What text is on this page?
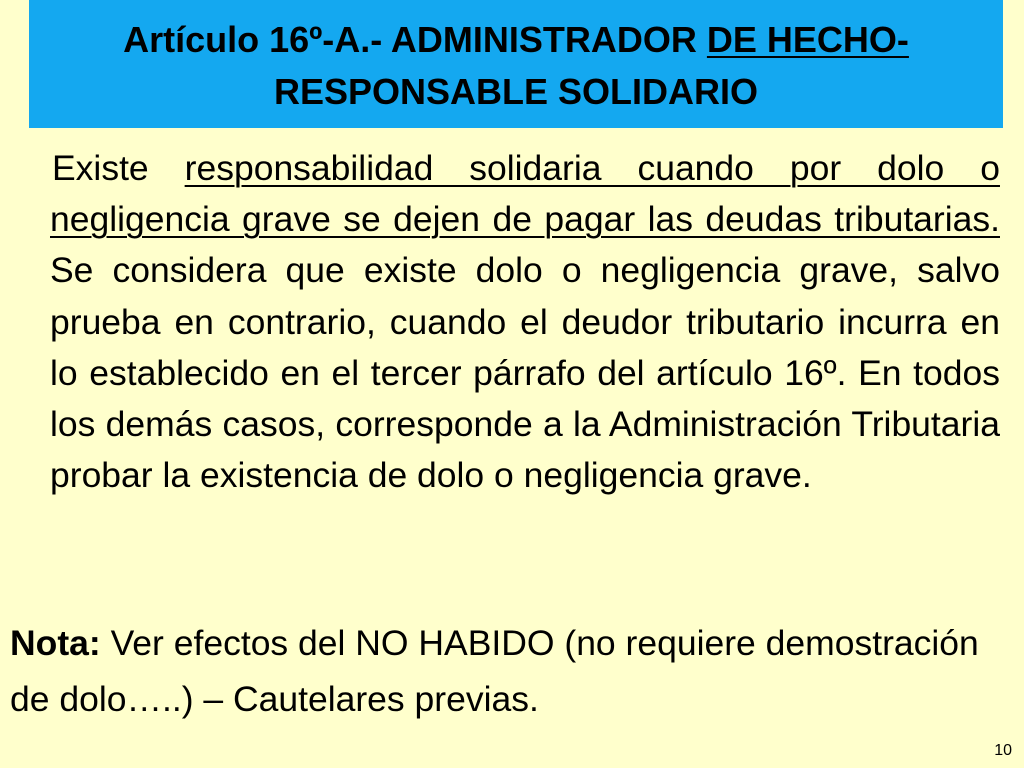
Artículo 16º-A.- ADMINISTRADOR DE HECHO-
RESPONSABLE SOLIDARIO
Existe responsabilidad solidaria cuando por dolo o negligencia grave se dejen de pagar las deudas tributarias. Se considera que existe dolo o negligencia grave, salvo prueba en contrario, cuando el deudor tributario incurra en lo establecido en el tercer párrafo del artículo 16º. En todos los demás casos, corresponde a la Administración Tributaria probar la existencia de dolo o negligencia grave.
Nota: Ver efectos del NO HABIDO (no requiere demostración de dolo…..) – Cautelares previas.
10
